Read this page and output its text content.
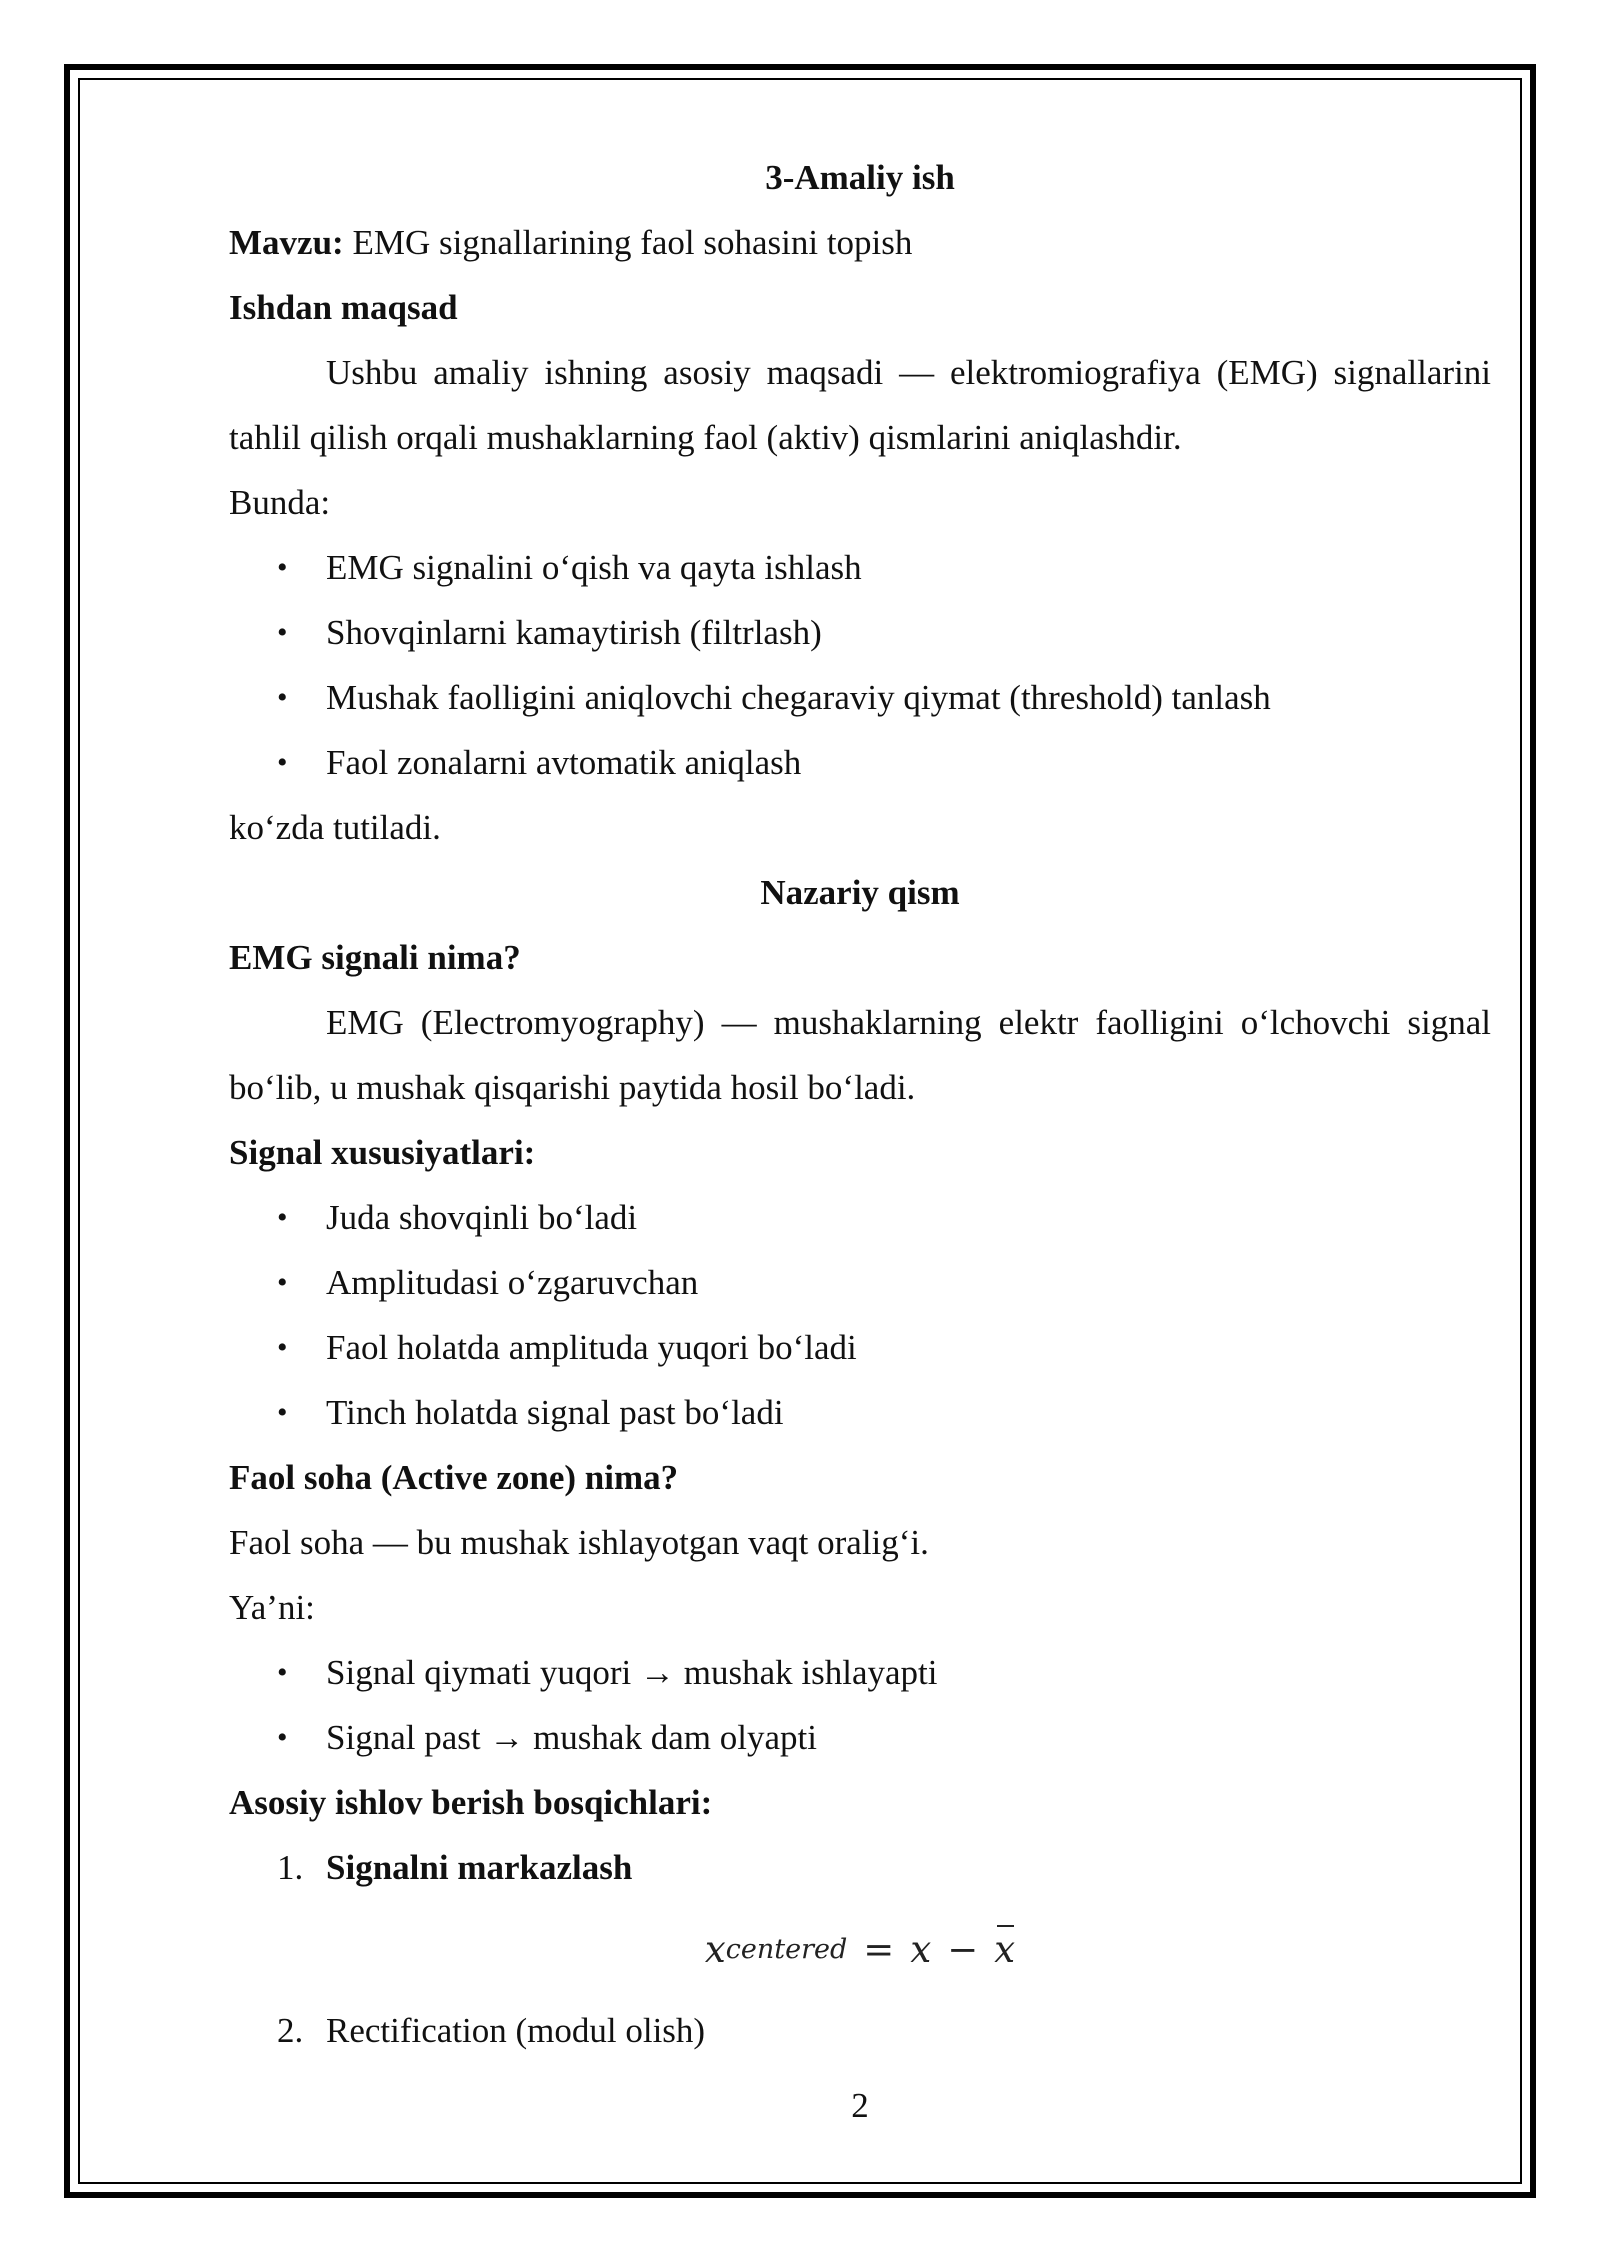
3-Amaliy ish

Mavzu: EMG signallarining faol sohasini topish

Ishdan maqsad

Ushbu amaliy ishning asosiy maqsadi — elektromiografiya (EMG) signallarini tahlil qilish orqali mushaklarning faol (aktiv) qismlarini aniqlashdir.

Bunda:

• EMG signalini o‘qish va qayta ishlash
• Shovqinlarni kamaytirish (filtrlash)
• Mushak faolligini aniqlovchi chegaraviy qiymat (threshold) tanlash
• Faol zonalarni avtomatik aniqlash

ko‘zda tutiladi.

Nazariy qism

EMG signali nima?

EMG (Electromyography) — mushaklarning elektr faolligini o‘lchovchi signal bo‘lib, u mushak qisqarishi paytida hosil bo‘ladi.

Signal xususiyatlari:

• Juda shovqinli bo‘ladi
• Amplitudasi o‘zgaruvchan
• Faol holatda amplituda yuqori bo‘ladi
• Tinch holatda signal past bo‘ladi

Faol soha (Active zone) nima?

Faol soha — bu mushak ishlayotgan vaqt oralig‘i.

Ya’ni:

• Signal qiymati yuqori → mushak ishlayapti
• Signal past → mushak dam olyapti

Asosiy ishlov berish bosqichlari:

1. Signalni markazlash
x centered = x − x
2. Rectification (modul olish)
2
